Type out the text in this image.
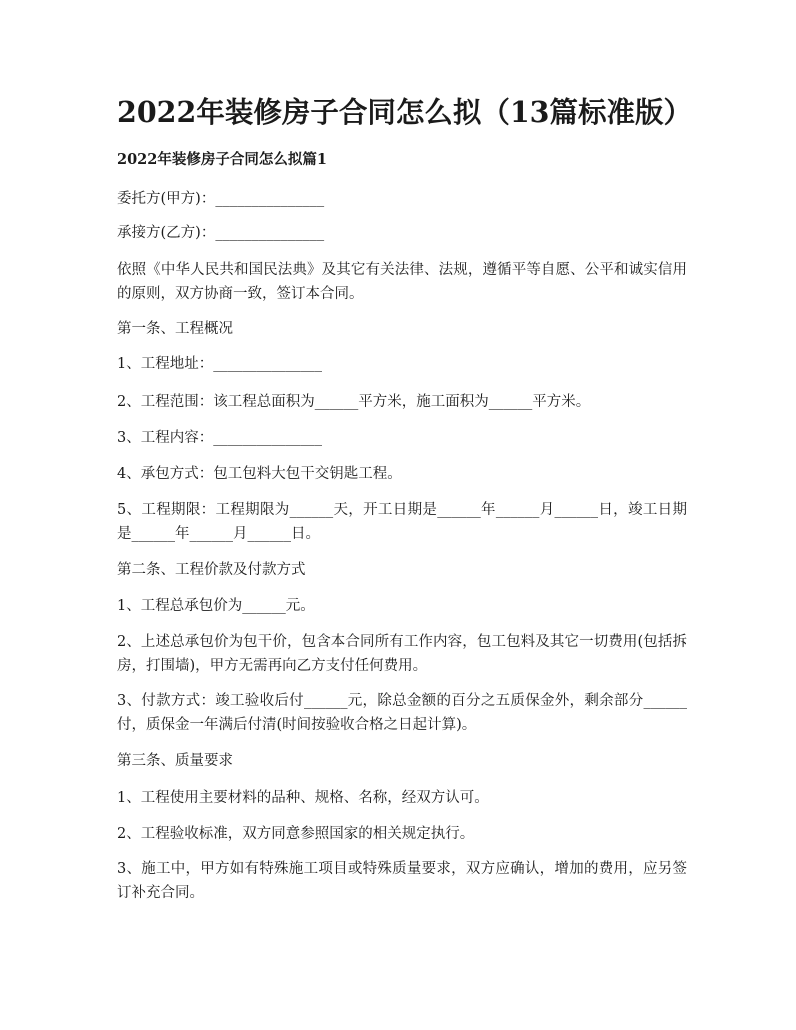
2022年装修房子合同怎么拟（13篇标准版）
2022年装修房子合同怎么拟篇1

委托方(甲方)：_______________

承接方(乙方)：_______________

依照《中华人民共和国民法典》及其它有关法律、法规，遵循平等自愿、公平和诚实信用的原则，双方协商一致，签订本合同。

第一条、工程概况

1、工程地址：_______________

2、工程范围：该工程总面积为______平方米，施工面积为______平方米。

3、工程内容：_______________

4、承包方式：包工包料大包干交钥匙工程。

5、工程期限：工程期限为______天，开工日期是______年______月______日，竣工日期是______年______月______日。

第二条、工程价款及付款方式

1、工程总承包价为______元。

2、上述总承包价为包干价，包含本合同所有工作内容，包工包料及其它一切费用(包括拆房，打围墙)，甲方无需再向乙方支付任何费用。

3、付款方式：竣工验收后付______元，除总金额的百分之五质保金外，剩余部分______付，质保金一年满后付清(时间按验收合格之日起计算)。

第三条、质量要求

1、工程使用主要材料的品种、规格、名称，经双方认可。

2、工程验收标准，双方同意参照国家的相关规定执行。

3、施工中，甲方如有特殊施工项目或特殊质量要求，双方应确认，增加的费用，应另签订补充合同。
